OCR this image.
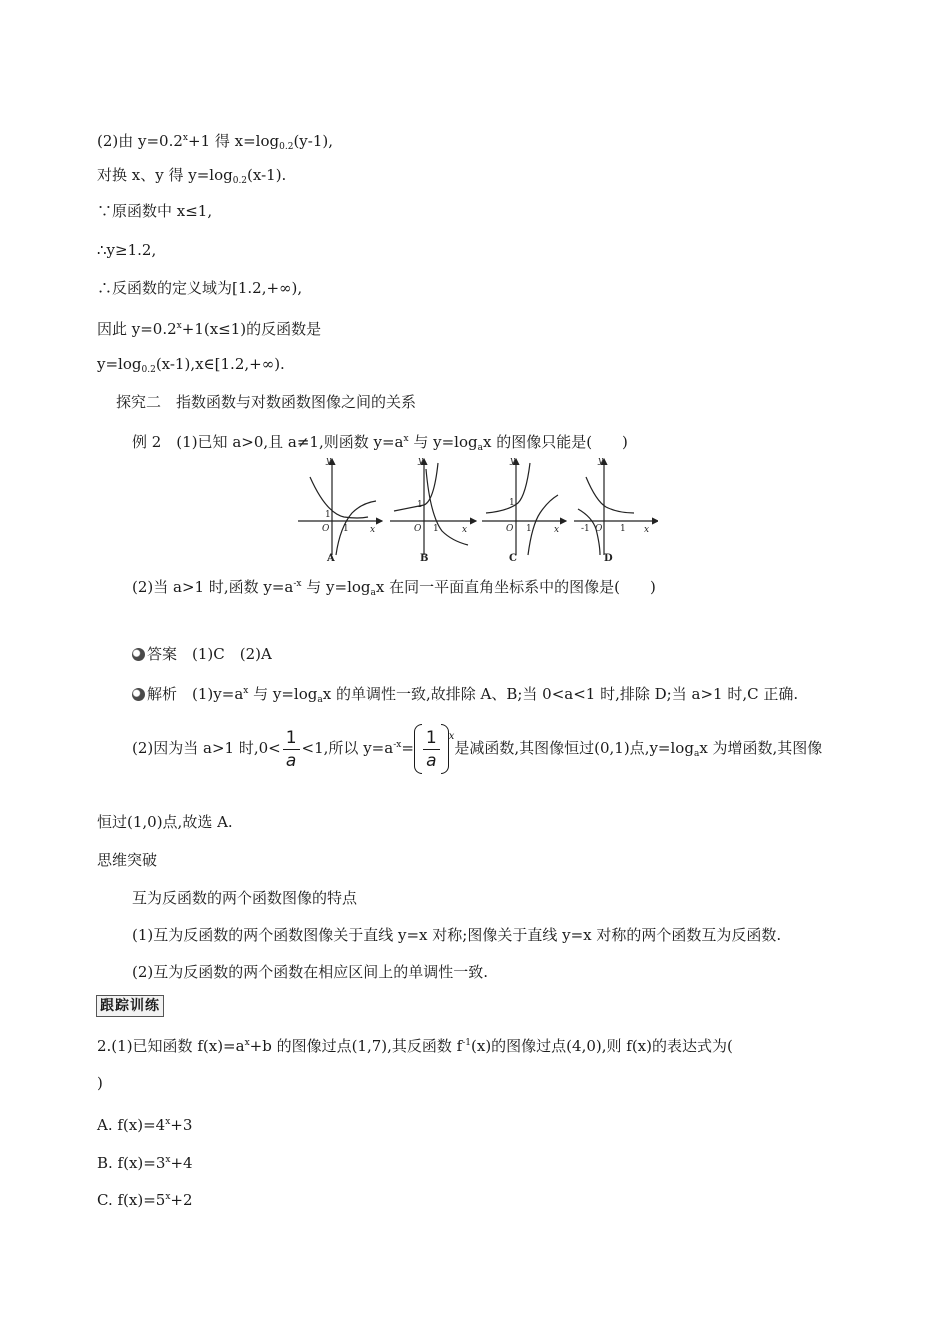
(2)由 $y=0.2^x+1$ 得 $x=\log_{0.2}(y-1)$,
对换 x、y 得 $y=\log_{0.2}(x-1)$.
∵原函数中 x≤1,
∴y≥1.2,
∴反函数的定义域为[1.2,+∞),
因此 $y=0.2^x+1(x\le 1)$的反函数是
$y=\log_{0.2}(x-1),x\in[1.2,+\infty)$.
探究二　指数函数与对数函数图像之间的关系
例 2　(1)已知 a>0,且 a≠1,则函数 $y=a^x$ 与 $y=\log_ax$ 的图像只能是(　　)
y
x
O
1
1
y
x
O
1
1
y
x
O
1
1
y
x
O
-1	1
A	B	C	D
(2)当 a>1 时,函数 $y=a^{-x}$ 与 $y=\log_ax$ 在同一平面直角坐标系中的图像是(　　)
答案　 (1)C　(2)A
解析　 $(1)y=a^x$ 与 $y=\log_ax$ 的单调性一致,故排除 A、B;当 0<a<1 时,排除 D;当 a>1 时,C 正确.
(2)因为当 a>1 时$,0< \frac{1}{a} <1$,所以 $y=a^{-x}= \frac{1}{a} ^x$是减函数,其图像恒过(0,1)点$,y=\log_ax$ 为增函数,其图像
恒过(1,0)点,故选 A.
思维突破
互为反函数的两个函数图像的特点
(1)互为反函数的两个函数图像关于直线 y=x 对称;图像关于直线 y=x 对称的两个函数互为反函数.
(2)互为反函数的两个函数在相应区间上的单调性一致.
跟踪训练
2.(1)已知函数 $f(x)=a^x+b$ 的图像过点(1,7),其反函数 $f^{-1}(x)$的图像过点(4,0),则 f(x)的表达式为(
)
A. $f(x)=4^x+3$
B. $f(x)=3^x+4$
C. $f(x)=5^x+2$
